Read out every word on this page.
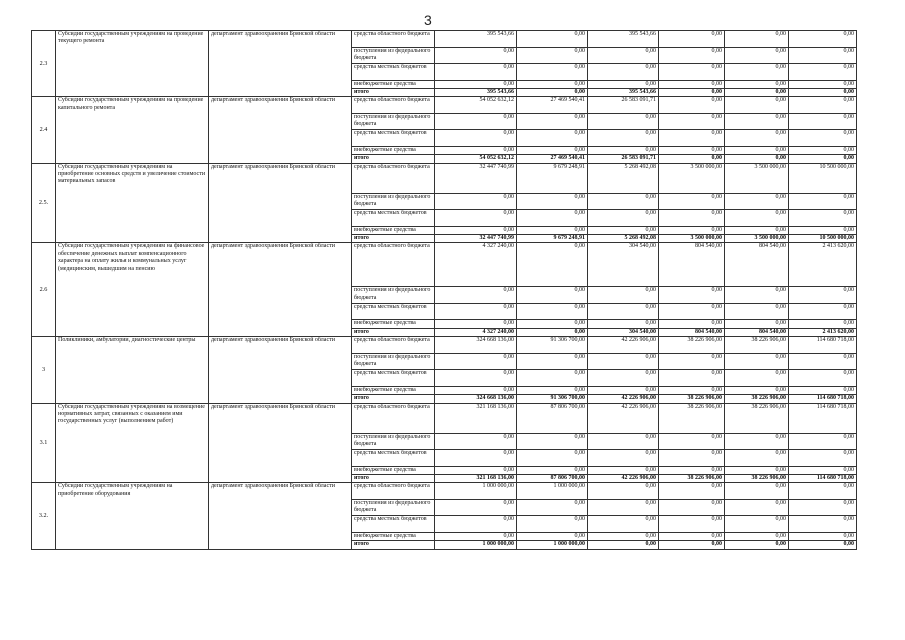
3
2.3	Субсидии государственным учреждениям на проведение текущего ремонта	департамент здравоохранения Брянской области	средства областного бюджета	395 543,66	0,00	395 543,66	0,00	0,00	0,00
			поступления из федерального бюджета	0,00	0,00	0,00	0,00	0,00	0,00
			средства местных бюджетов	0,00	0,00	0,00	0,00	0,00	0,00
			внебюджетные средства	0,00	0,00	0,00	0,00	0,00	0,00
			итого	395 543,66	0,00	395 543,66	0,00	0,00	0,00
2.4	Субсидии государственным учреждениям на проведение капитального ремонта	департамент здравоохранения Брянской области	средства областного бюджета	54 052 632,12	27 469 540,41	26 583 091,71	0,00	0,00	0,00
			поступления из федерального бюджета	0,00	0,00	0,00	0,00	0,00	0,00
			средства местных бюджетов	0,00	0,00	0,00	0,00	0,00	0,00
			внебюджетные средства	0,00	0,00	0,00	0,00	0,00	0,00
			итого	54 052 632,12	27 469 540,41	26 583 091,71	0,00	0,00	0,00
2.5.	Субсидии государственным учреждениям на приобретение основных средств и увеличение стоимости материальных запасов	департамент здравоохранения Брянской области	средства областного бюджета	32 447 740,99	9 679 248,91	5 268 492,08	3 500 000,00	3 500 000,00	10 500 000,00
			поступления из федерального бюджета	0,00	0,00	0,00	0,00	0,00	0,00
			средства местных бюджетов	0,00	0,00	0,00	0,00	0,00	0,00
			внебюджетные средства	0,00	0,00	0,00	0,00	0,00	0,00
			итого	32 447 740,99	9 679 248,91	5 268 492,08	3 500 000,00	3 500 000,00	10 500 000,00
2.6	Субсидии государственным учреждениям на финансовое обеспечение денежных выплат компенсационного характера на оплату жилья и коммунальных услуг (медицинским, вышедшим на пенсию	департамент здравоохранения Брянской области	средства областного бюджета	4 327 240,00	0,00	304 540,00	804 540,00	804 540,00	2 413 620,00
			поступления из федерального бюджета	0,00	0,00	0,00	0,00	0,00	0,00
			средства местных бюджетов	0,00	0,00	0,00	0,00	0,00	0,00
			внебюджетные средства	0,00	0,00	0,00	0,00	0,00	0,00
			итого	4 327 240,00	0,00	304 540,00	804 540,00	804 540,00	2 413 620,00
3	Поликлиники, амбулатории, диагностические центры	департамент здравоохранения Брянской области	средства областного бюджета	324 668 136,00	91 306 700,00	42 226 906,00	38 226 906,00	38 226 906,00	114 680 718,00
			поступления из федерального бюджета	0,00	0,00	0,00	0,00	0,00	0,00
			средства местных бюджетов	0,00	0,00	0,00	0,00	0,00	0,00
			внебюджетные средства	0,00	0,00	0,00	0,00	0,00	0,00
			итого	324 668 136,00	91 306 700,00	42 226 906,00	38 226 906,00	38 226 906,00	114 680 718,00
3.1	Субсидии государственным учреждениям на возмещение нормативных затрат, связанных с оказанием ими государственных услуг (выполнением работ)	департамент здравоохранения Брянской области	средства областного бюджета	321 168 136,00	87 806 700,00	42 226 906,00	38 226 906,00	38 226 906,00	114 680 718,00
			поступления из федерального бюджета	0,00	0,00	0,00	0,00	0,00	0,00
			средства местных бюджетов	0,00	0,00	0,00	0,00	0,00	0,00
			внебюджетные средства	0,00	0,00	0,00	0,00	0,00	0,00
			итого	321 168 136,00	87 806 700,00	42 226 906,00	38 226 906,00	38 226 906,00	114 680 718,00
3.2.	Субсидии государственным учреждениям на приобретение оборудования	департамент здравоохранения Брянской области	средства областного бюджета	1 000 000,00	1 000 000,00	0,00	0,00	0,00	0,00
			поступления из федерального бюджета	0,00	0,00	0,00	0,00	0,00	0,00
			средства местных бюджетов	0,00	0,00	0,00	0,00	0,00	0,00
			внебюджетные средства	0,00	0,00	0,00	0,00	0,00	0,00
			итого	1 000 000,00	1 000 000,00	0,00	0,00	0,00	0,00
